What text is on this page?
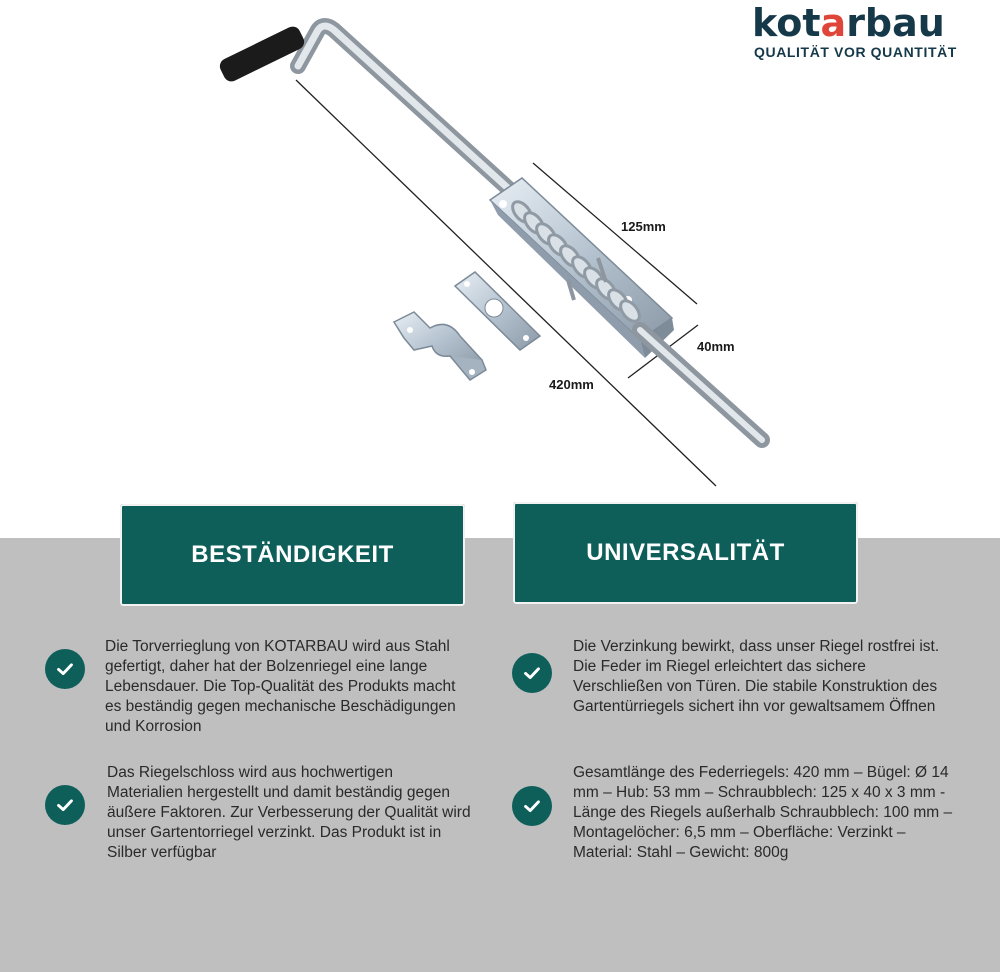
kotarbau
QUALITÄT VOR QUANTITÄT
125mm
40mm
420mm
BESTÄNDIGKEIT	UNIVERSALITÄT
Die Torverrieglung von KOTARBAU wird aus Stahl gefertigt, daher hat der Bolzenriegel eine lange Lebensdauer. Die Top-Qualität des Produkts macht es beständig gegen mechanische Beschädigungen und Korrosion
Das Riegelschloss wird aus hochwertigen Materialien hergestellt und damit beständig gegen äußere Faktoren. Zur Verbesserung der Qualität wird unser Gartentorriegel verzinkt. Das Produkt ist in Silber verfügbar
Die Verzinkung bewirkt, dass unser Riegel rostfrei ist. Die Feder im Riegel erleichtert das sichere Verschließen von Türen. Die stabile Konstruktion des Gartentürriegels sichert ihn vor gewaltsamem Öffnen
Gesamtlänge des Federriegels: 420 mm – Bügel: Ø 14 mm – Hub: 53 mm – Schraubblech: 125 x 40 x 3 mm - Länge des Riegels außerhalb Schraubblech: 100 mm – Montagelöcher: 6,5 mm – Oberfläche: Verzinkt – Material: Stahl – Gewicht: 800g
